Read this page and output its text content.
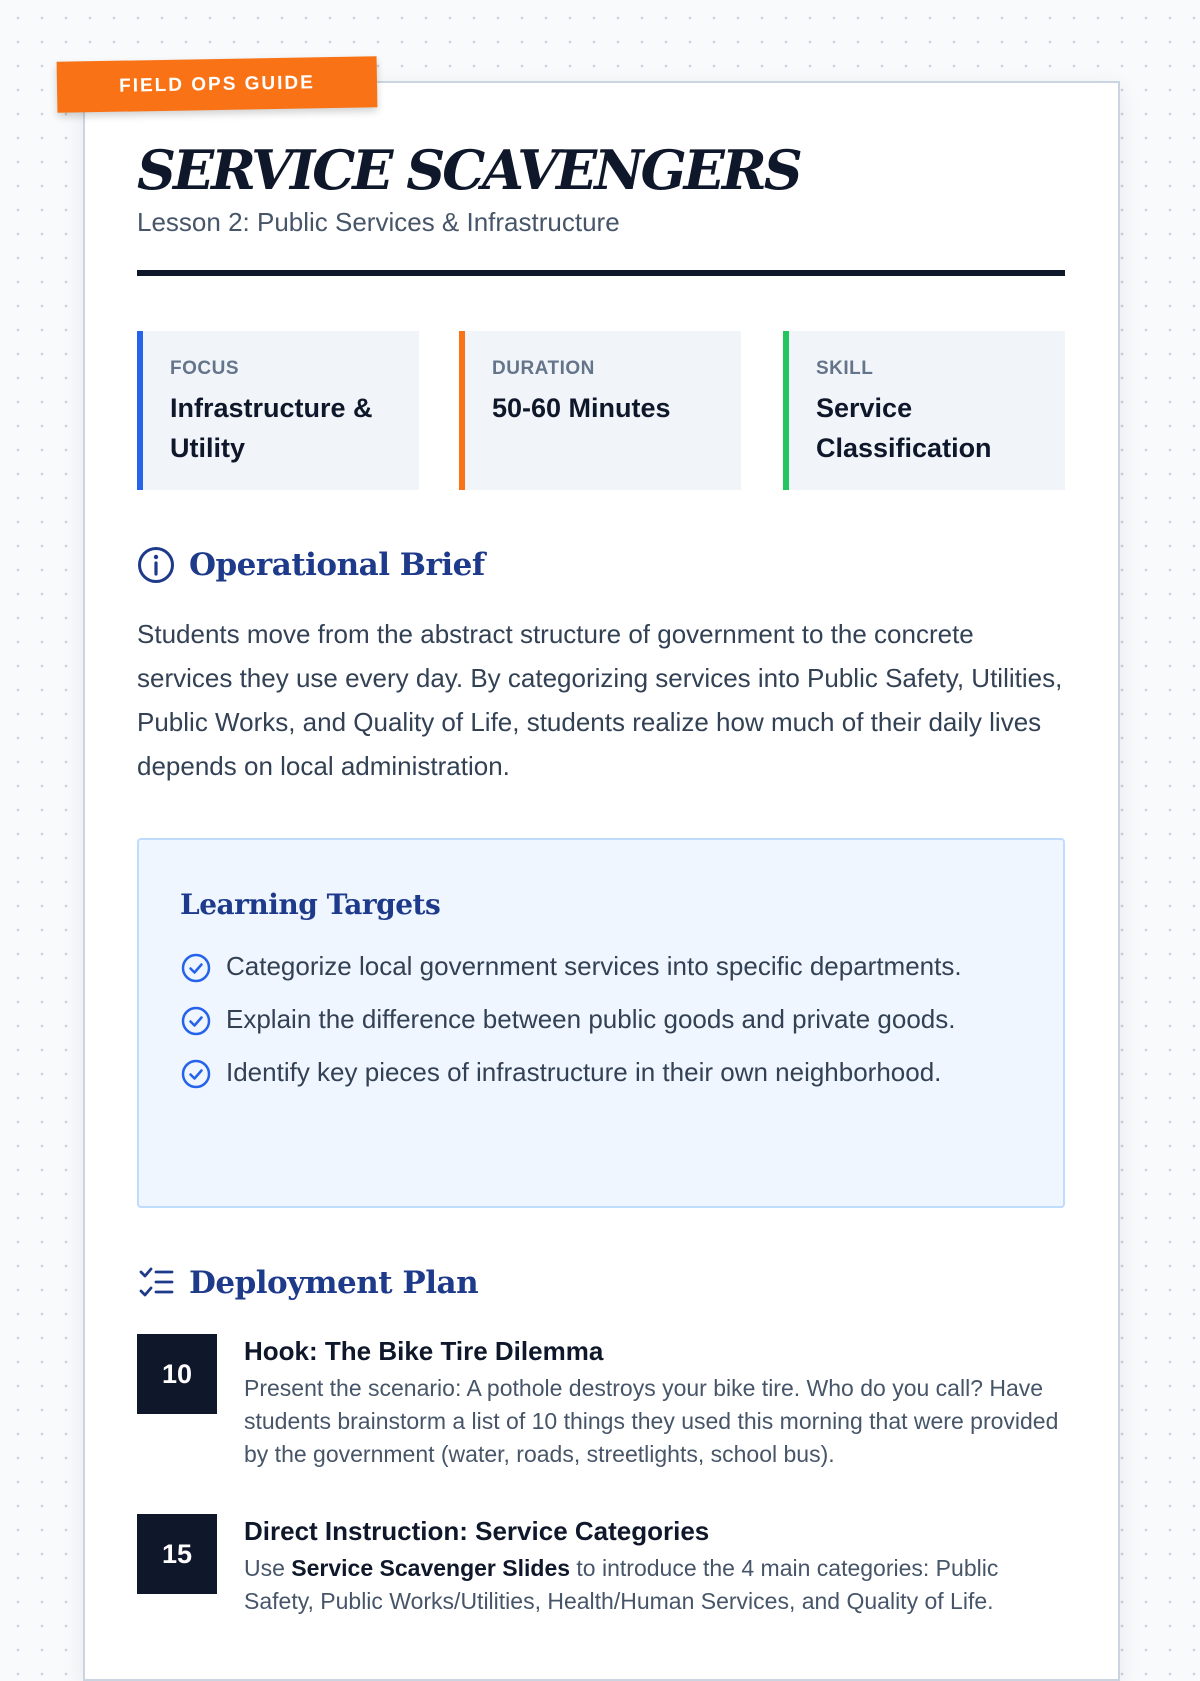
FIELD OPS GUIDE
SERVICE SCAVENGERS
Lesson 2: Public Services & Infrastructure
FOCUS
Infrastructure & Utility
DURATION
50-60 Minutes
SKILL
Service Classification
Operational Brief

Students move from the abstract structure of government to the concrete services they use every day. By categorizing services into Public Safety, Utilities, Public Works, and Quality of Life, students realize how much of their daily lives depends on local administration.

Learning Targets
Categorize local government services into specific departments.
Explain the difference between public goods and private goods.
Identify key pieces of infrastructure in their own neighborhood.
Deployment Plan
10
Hook: The Bike Tire Dilemma
Present the scenario: A pothole destroys your bike tire. Who do you call? Have students brainstorm a list of 10 things they used this morning that were provided by the government (water, roads, streetlights, school bus).
15
Direct Instruction: Service Categories
Use Service Scavenger Slides to introduce the 4 main categories: Public Safety, Public Works/Utilities, Health/Human Services, and Quality of Life.
